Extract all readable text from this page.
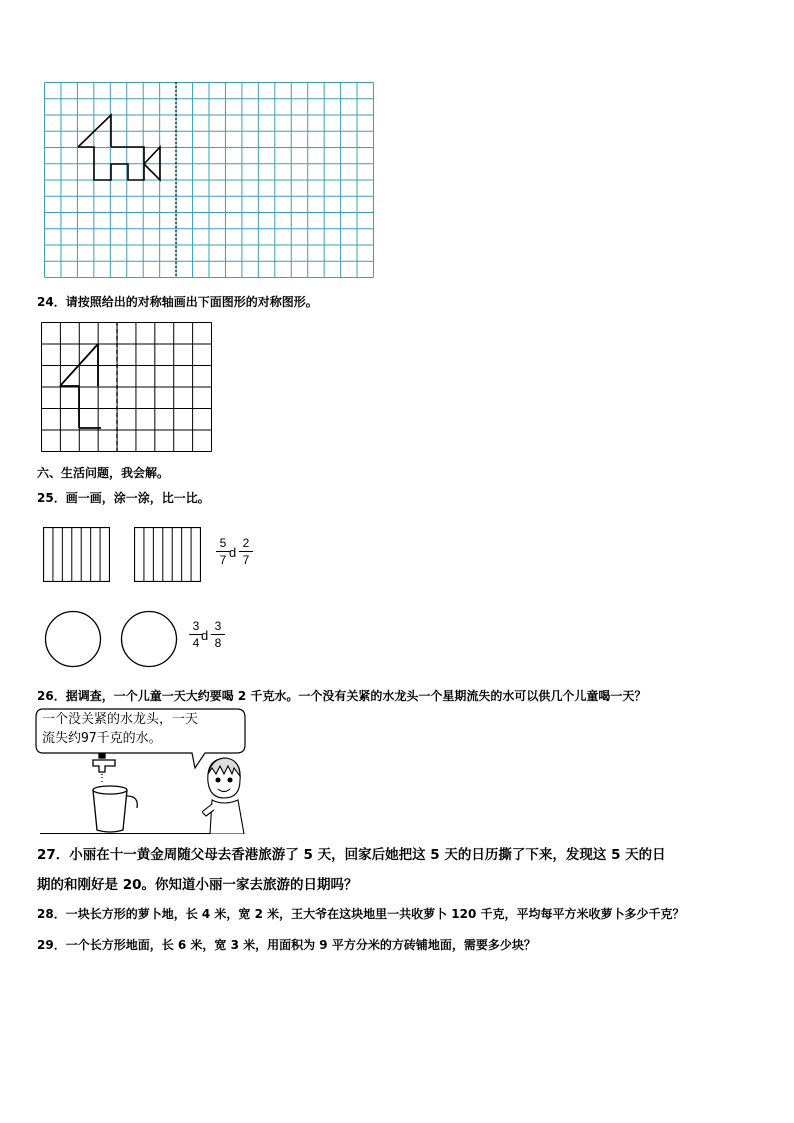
24．请按照给出的对称轴画出下面图形的对称图形。
六、生活问题，我会解。
25．画一画，涂一涂，比一比。
5
7 d
2
7
3
4 d
3
8
26．据调查，一个儿童一天大约要喝 2 千克水。一个没有关紧的水龙头一个星期流失的水可以供几个儿童喝一天？
一个没关紧的水龙头，一天
流失约97千克的水。
27．小丽在十一黄金周随父母去香港旅游了 5 天，回家后她把这 5 天的日历撕了下来，发现这 5 天的日
期的和刚好是 20。你知道小丽一家去旅游的日期吗？
28．一块长方形的萝卜地，长 4 米，宽 2 米，王大爷在这块地里一共收萝卜 120 千克，平均每平方米收萝卜多少千克？
29．一个长方形地面，长 6 米，宽 3 米，用面积为 9 平方分米的方砖铺地面，需要多少块？
